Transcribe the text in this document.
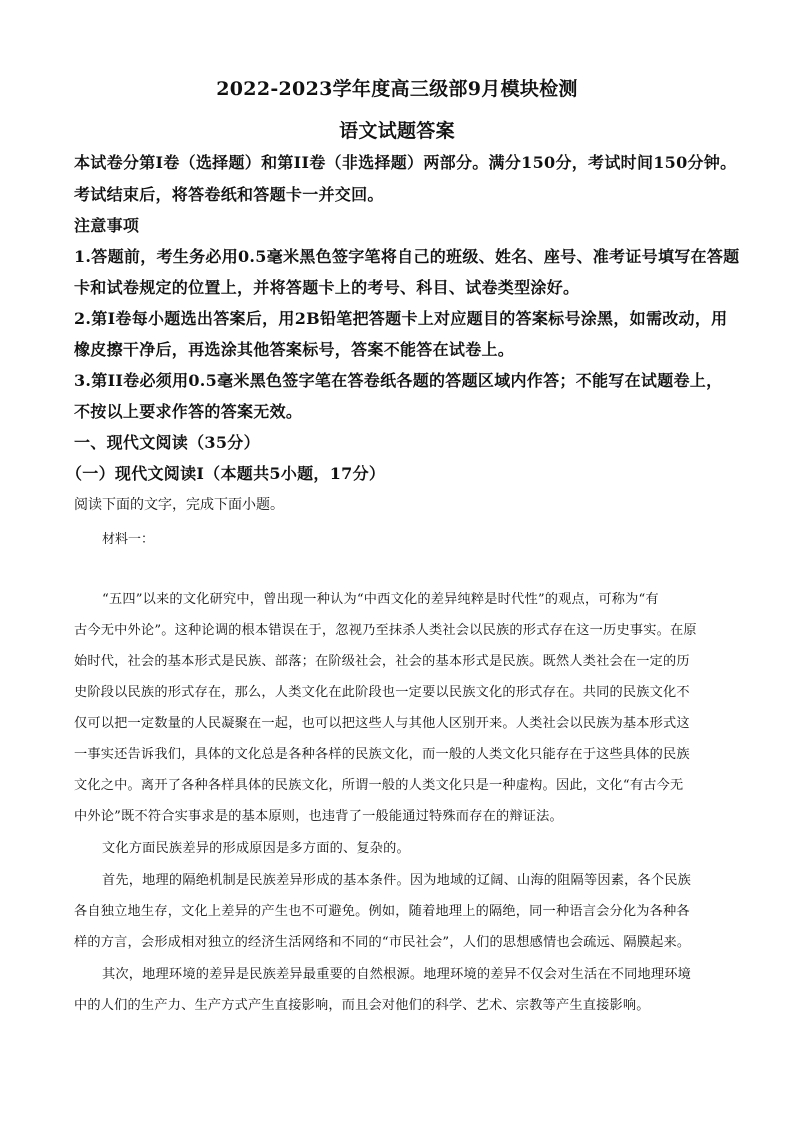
2022-2023学年度高三级部9月模块检测
语文试题答案
本试卷分第I卷（选择题）和第II卷（非选择题）两部分。满分150分，考试时间150分钟。
考试结束后，将答卷纸和答题卡一并交回。
注意事项
1.答题前，考生务必用0.5毫米黑色签字笔将自己的班级、姓名、座号、准考证号填写在答题
卡和试卷规定的位置上，并将答题卡上的考号、科目、试卷类型涂好。
2.第I卷每小题选出答案后，用2B铅笔把答题卡上对应题目的答案标号涂黑，如需改动，用
橡皮擦干净后，再选涂其他答案标号，答案不能答在试卷上。
3.第II卷必须用0.5毫米黑色签字笔在答卷纸各题的答题区域内作答；不能写在试题卷上，
不按以上要求作答的答案无效。
一、现代文阅读（35分）
（一）现代文阅读I（本题共5小题，17分）
阅读下面的文字，完成下面小题。
材料一：
“五四”以来的文化研究中，曾出现一种认为“中西文化的差异纯粹是时代性”的观点，可称为“有
古今无中外论”。这种论调的根本错误在于，忽视乃至抹杀人类社会以民族的形式存在这一历史事实。在原
始时代，社会的基本形式是民族、部落；在阶级社会，社会的基本形式是民族。既然人类社会在一定的历
史阶段以民族的形式存在，那么，人类文化在此阶段也一定要以民族文化的形式存在。共同的民族文化不
仅可以把一定数量的人民凝聚在一起，也可以把这些人与其他人区别开来。人类社会以民族为基本形式这
一事实还告诉我们，具体的文化总是各种各样的民族文化，而一般的人类文化只能存在于这些具体的民族
文化之中。离开了各种各样具体的民族文化，所谓一般的人类文化只是一种虚构。因此，文化“有古今无
中外论”既不符合实事求是的基本原则，也违背了一般能通过特殊而存在的辩证法。
文化方面民族差异的形成原因是多方面的、复杂的。
首先，地理的隔绝机制是民族差异形成的基本条件。因为地域的辽阔、山海的阻隔等因素，各个民族
各自独立地生存，文化上差异的产生也不可避免。例如，随着地理上的隔绝，同一种语言会分化为各种各
样的方言，会形成相对独立的经济生活网络和不同的“市民社会”，人们的思想感情也会疏远、隔膜起来。
其次，地理环境的差异是民族差异最重要的自然根源。地理环境的差异不仅会对生活在不同地理环境
中的人们的生产力、生产方式产生直接影响，而且会对他们的科学、艺术、宗教等产生直接影响。
